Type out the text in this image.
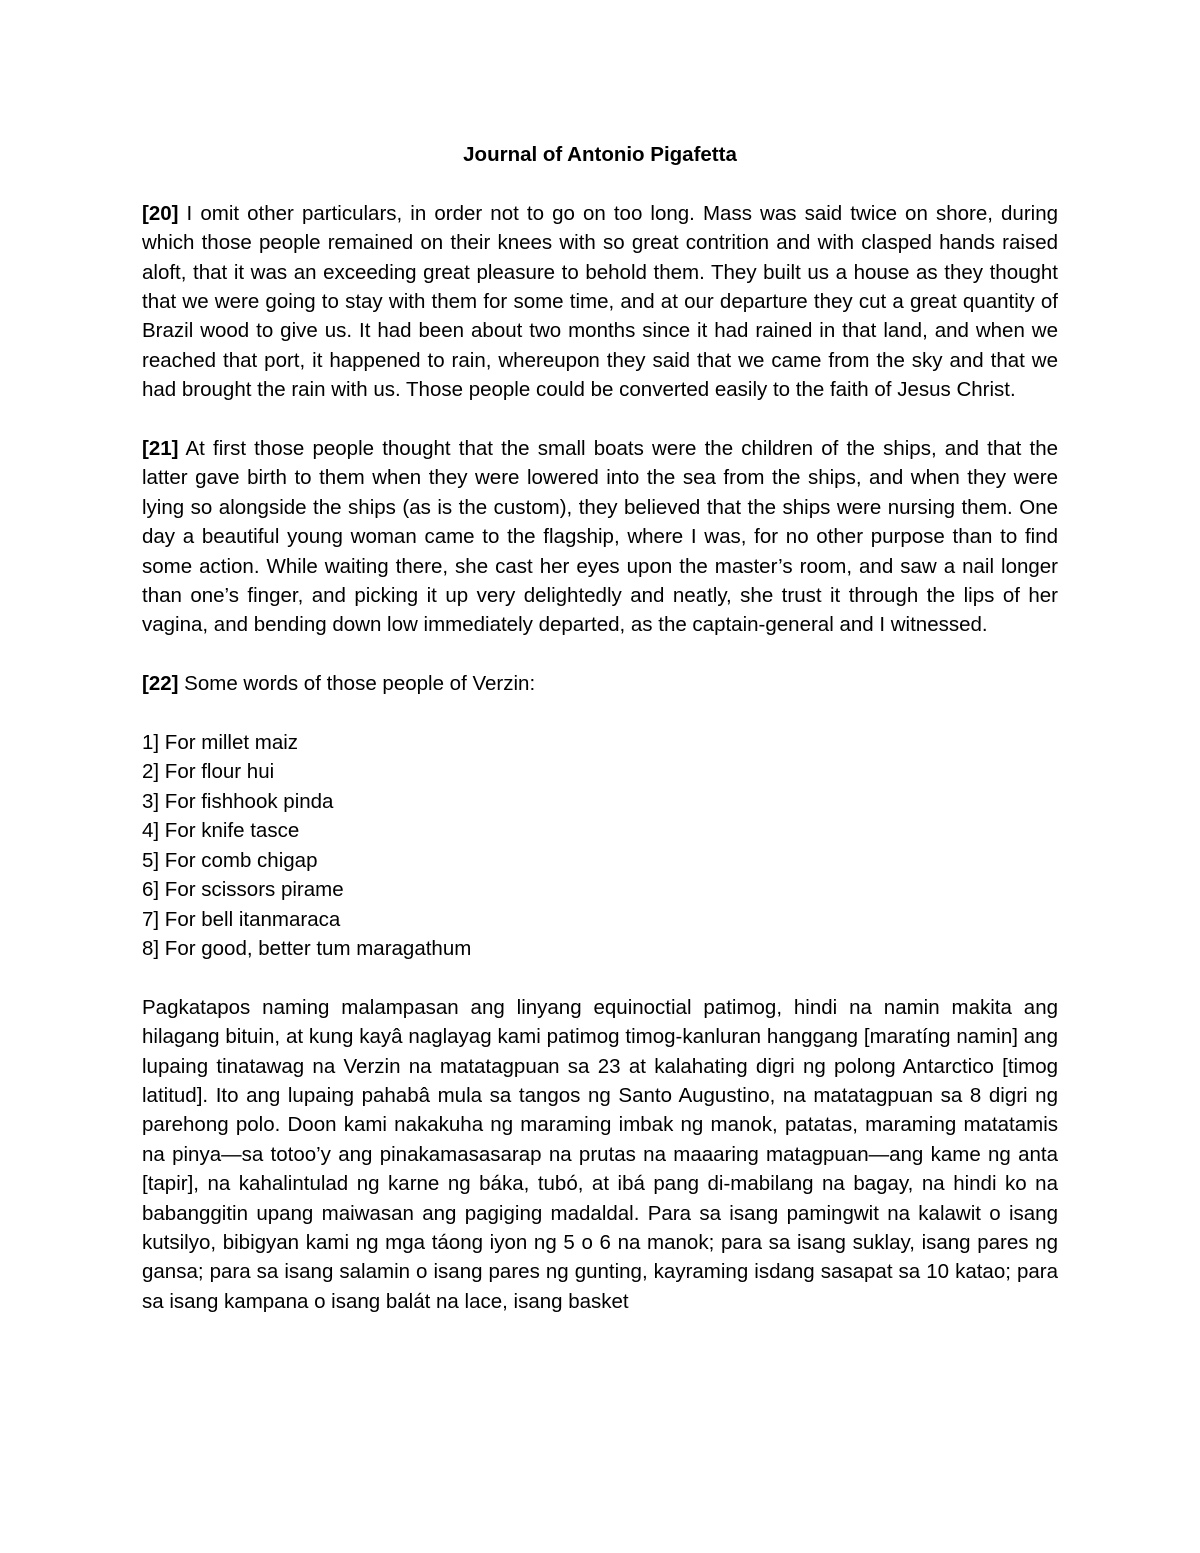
Journal of Antonio Pigafetta

[20] I omit other particulars, in order not to go on too long. Mass was said twice on shore, during which those people remained on their knees with so great contrition and with clasped hands raised aloft, that it was an exceeding great pleasure to behold them. They built us a house as they thought that we were going to stay with them for some time, and at our departure they cut a great quantity of Brazil wood to give us. It had been about two months since it had rained in that land, and when we reached that port, it happened to rain, whereupon they said that we came from the sky and that we had brought the rain with us. Those people could be converted easily to the faith of Jesus Christ.

[21] At first those people thought that the small boats were the children of the ships, and that the latter gave birth to them when they were lowered into the sea from the ships, and when they were lying so alongside the ships (as is the custom), they believed that the ships were nursing them. One day a beautiful young woman came to the flagship, where I was, for no other purpose than to find some action. While waiting there, she cast her eyes upon the master’s room, and saw a nail longer than one’s finger, and picking it up very delightedly and neatly, she trust it through the lips of her vagina, and bending down low immediately departed, as the captain-general and I witnessed.

[22] Some words of those people of Verzin:

1] For millet maiz
2] For flour hui
3] For fishhook pinda
4] For knife tasce
5] For comb chigap
6] For scissors pirame
7] For bell itanmaraca
8] For good, better tum maragathum

Pagkatapos naming malampasan ang linyang equinoctial patimog, hindi na namin makita ang hilagang bituin, at kung kayâ naglayag kami patimog timog-kanluran hanggang [maratíng namin] ang lupaing tinatawag na Verzin na matatagpuan sa 23 at kalahating digri ng polong Antarctico [timog latitud]. Ito ang lupaing pahabâ mula sa tangos ng Santo Augustino, na matatagpuan sa 8 digri ng parehong polo. Doon kami nakakuha ng maraming imbak ng manok, patatas, maraming matatamis na pinya—sa totoo’y ang pinakamasasarap na prutas na maaaring matagpuan—ang kame ng anta [tapir], na kahalintulad ng karne ng báka, tubó, at ibá pang di-mabilang na bagay, na hindi ko na babanggitin upang maiwasan ang pagiging madaldal. Para sa isang pamingwit na kalawit o isang kutsilyo, bibigyan kami ng mga táong iyon ng 5 o 6 na manok; para sa isang suklay, isang pares ng gansa; para sa isang salamin o isang pares ng gunting, kayraming isdang sasapat sa 10 katao; para sa isang kampana o isang balát na lace, isang basket
